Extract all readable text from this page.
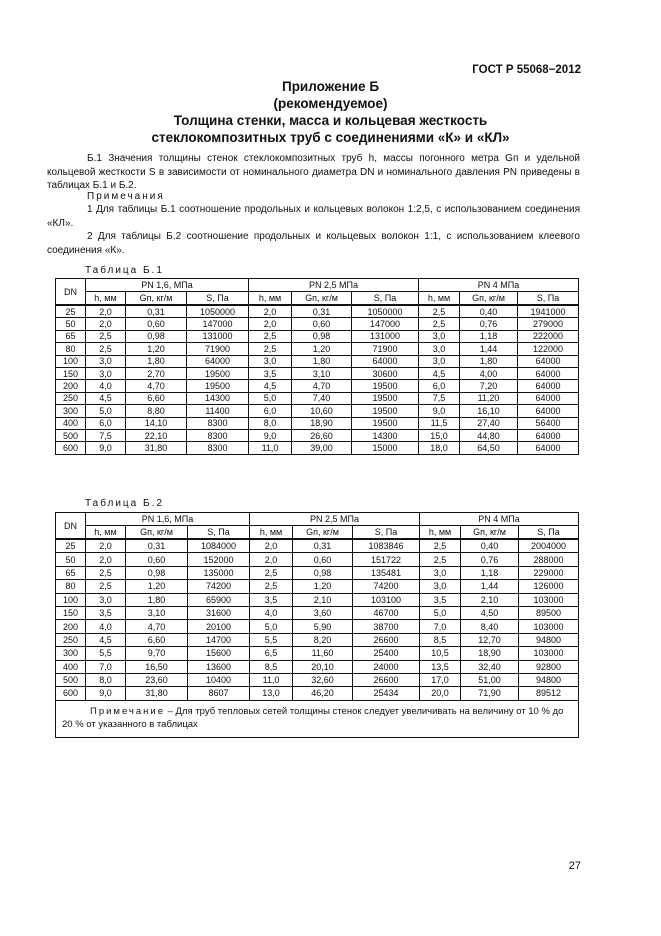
ГОСТ Р 55068−2012
Приложение Б
(рекомендуемое)
Толщина стенки, масса и кольцевая жесткость
стеклокомпозитных труб с соединениями «К» и «КЛ»
Б.1 Значения толщины стенок стеклокомпозитных труб h, массы погонного метра Gп и удельной кольцевой жесткости S в зависимости от номинального диаметра DN и номинального давления PN приведены в таблицах Б.1 и Б.2.
Примечания
1 Для таблицы Б.1 соотношение продольных и кольцевых волокон 1:2,5, с использованием соединения «КЛ».
2 Для таблицы Б.2 соотношение продольных и кольцевых волокон 1:1, с использованием клеевого соединения «К».
Таблица Б.1
DN	PN 1,6, МПа			PN 2,5 МПа			PN 4 МПа		
	h, мм	Gп, кг/м	S, Па	h, мм	Gп, кг/м	S, Па	h, мм	Gп, кг/м	S, Па
25	2,0	0,31	1050000	2,0	0,31	1050000	2,5	0,40	1941000
50	2,0	0,60	147000	2,0	0,60	147000	2,5	0,76	279000
65	2,5	0,98	131000	2,5	0,98	131000	3,0	1,18	222000
80	2,5	1,20	71900	2,5	1,20	71900	3,0	1,44	122000
100	3,0	1,80	64000	3,0	1,80	64000	3,0	1,80	64000
150	3,0	2,70	19500	3,5	3,10	30600	4,5	4,00	64000
200	4,0	4,70	19500	4,5	4,70	19500	6,0	7,20	64000
250	4,5	6,60	14300	5,0	7,40	19500	7,5	11,20	64000
300	5,0	8,80	11400	6,0	10,60	19500	9,0	16,10	64000
400	6,0	14,10	8300	8,0	18,90	19500	11,5	27,40	56400
500	7,5	22,10	8300	9,0	26,60	14300	15,0	44,80	64000
600	9,0	31,80	8300	11,0	39,00	15000	18,0	64,50	64000
Таблица Б.2
DN	PN 1,6, МПа			PN 2,5 МПа			PN 4 МПа		
	h, мм	Gп, кг/м	S, Па	h, мм	Gп, кг/м	S, Па	h, мм	Gп, кг/м	S, Па
25	2,0	0,31	1084000	2,0	0,31	1083846	2,5	0,40	2004000
50	2,0	0,60	152000	2,0	0,60	151722	2,5	0,76	288000
65	2,5	0,98	135000	2,5	0,98	135481	3,0	1,18	229000
80	2,5	1,20	74200	2,5	1,20	74200	3,0	1,44	126000
100	3,0	1,80	65900	3,5	2,10	103100	3,5	2,10	103000
150	3,5	3,10	31600	4,0	3,60	46700	5,0	4,50	89500
200	4,0	4,70	20100	5,0	5,90	38700	7,0	8,40	103000
250	4,5	6,60	14700	5,5	8,20	26600	8,5	12,70	94800
300	5,5	9,70	15600	6,5	11,60	25400	10,5	18,90	103000
400	7,0	16,50	13600	8,5	20,10	24000	13,5	32,40	92800
500	8,0	23,60	10400	11,0	32,60	26600	17,0	51,00	94800
600	9,0	31,80	8607	13,0	46,20	25434	20,0	71,90	89512
Примечание – Для труб тепловых сетей толщины стенок следует увеличивать на величину от 10 % до 20 % от указанного в таблицах									
27
